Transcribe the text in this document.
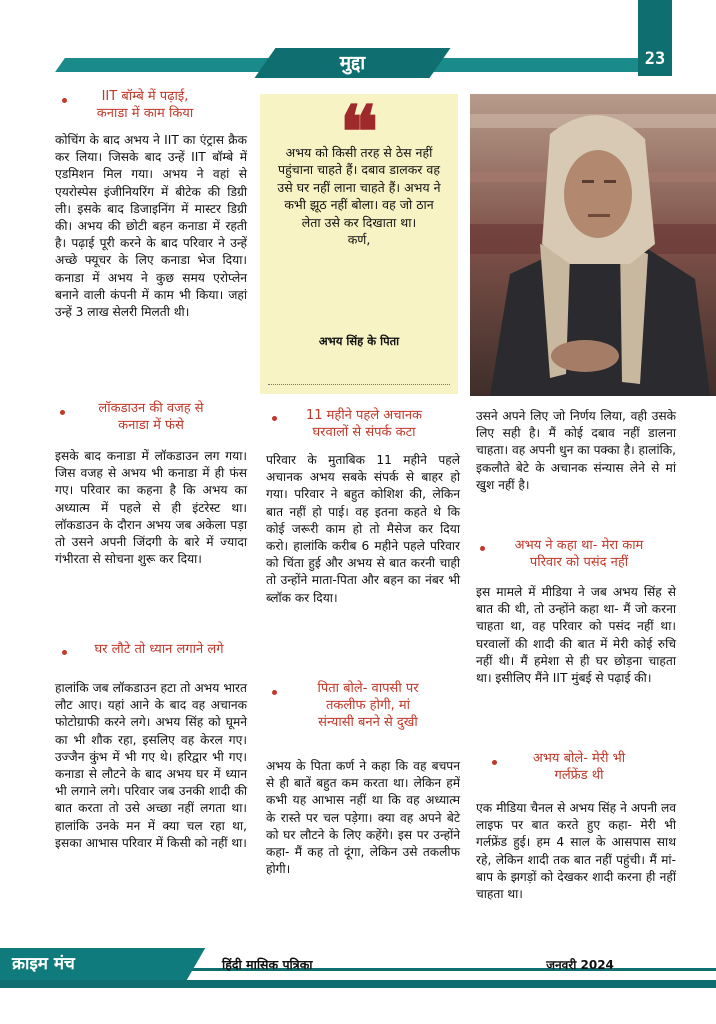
मुद्दा	23

IIT बॉम्बे में पढ़ाई,
कनाडा में काम किया

कोचिंग के बाद अभय ने IIT का एंट्रास क्रैक कर लिया। जिसके बाद उन्हें IIT बॉम्बे में एडमिशन मिल गया। अभय ने वहां से एयरोस्पेस इंजीनियरिंग में बीटेक की डिग्री ली। इसके बाद डिजाइनिंग में मास्टर डिग्री की। अभय की छोटी बहन कनाडा में रहती है। पढ़ाई पूरी करने के बाद परिवार ने उन्हें अच्छे फ्यूचर के लिए कनाडा भेज दिया। कनाडा में अभय ने कुछ समय एरोप्लेन बनाने वाली कंपनी में काम भी किया। जहां उन्हें 3 लाख सेलरी मिलती थी।

लॉकडाउन की वजह से
कनाडा में फंसे

इसके बाद कनाडा में लॉकडाउन लग गया। जिस वजह से अभय भी कनाडा में ही फंस गए। परिवार का कहना है कि अभय का अध्यात्म में पहले से ही इंटरेस्ट था। लॉकडाउन के दौरान अभय जब अकेला पड़ा तो उसने अपनी जिंदगी के बारे में ज्यादा गंभीरता से सोचना शुरू कर दिया।

घर लौटे तो ध्यान लगाने लगे

हालांकि जब लॉकडाउन हटा तो अभय भारत लौट आए। यहां आने के बाद वह अचानक फोटोग्राफी करने लगे। अभय सिंह को घूमने का भी शौक रहा, इसलिए वह केरल गए। उज्जैन कुंभ में भी गए थे। हरिद्वार भी गए। कनाडा से लौटने के बाद अभय घर में ध्यान भी लगाने लगे। परिवार जब उनकी शादी की बात करता तो उसे अच्छा नहीं लगता था। हालांकि उनके मन में क्या चल रहा था, इसका आभास परिवार में किसी को नहीं था।

❝
अभय को किसी तरह से ठेस नहीं पहुंचाना चाहते हैं। दबाव डालकर वह उसे घर नहीं लाना चाहते हैं। अभय ने कभी झूठ नहीं बोला। वह जो ठान लेता उसे कर दिखाता था।
कर्ण,
अभय सिंह के पिता

11 महीने पहले अचानक
घरवालों से संपर्क कटा

परिवार के मुताबिक 11 महीने पहले अचानक अभय सबके संपर्क से बाहर हो गया। परिवार ने बहुत कोशिश की, लेकिन बात नहीं हो पाई। वह इतना कहते थे कि कोई जरूरी काम हो तो मैसेज कर दिया करो। हालांकि करीब 6 महीने पहले परिवार को चिंता हुई और अभय से बात करनी चाही तो उन्होंने माता-पिता और बहन का नंबर भी ब्लॉक कर दिया।

पिता बोले- वापसी पर
तकलीफ होगी, मां
संन्यासी बनने से दुखी

अभय के पिता कर्ण ने कहा कि वह बचपन से ही बातें बहुत कम करता था। लेकिन हमें कभी यह आभास नहीं था कि वह अध्यात्म के रास्ते पर चल पड़ेगा। क्या वह अपने बेटे को घर लौटने के लिए कहेंगे। इस पर उन्होंने कहा- मैं कह तो दूंगा, लेकिन उसे तकलीफ होगी।

उसने अपने लिए जो निर्णय लिया, वही उसके लिए सही है। मैं कोई दबाव नहीं डालना चाहता। वह अपनी धुन का पक्का है। हालांकि, इकलौते बेटे के अचानक संन्यास लेने से मां खुश नहीं है।

अभय ने कहा था- मेरा काम
परिवार को पसंद नहीं

इस मामले में मीडिया ने जब अभय सिंह से बात की थी, तो उन्होंने कहा था- मैं जो करना चाहता था, वह परिवार को पसंद नहीं था। घरवालों की शादी की बात में मेरी कोई रुचि नहीं थी। मैं हमेशा से ही घर छोड़ना चाहता था। इसीलिए मैंने IIT मुंबई से पढ़ाई की।

अभय बोले- मेरी भी
गर्लफ्रेंड थी

एक मीडिया चैनल से अभय सिंह ने अपनी लव लाइफ पर बात करते हुए कहा- मेरी भी गर्लफ्रेंड हुई। हम 4 साल के आसपास साथ रहे, लेकिन शादी तक बात नहीं पहुंची। मैं मां-बाप के झगड़ों को देखकर शादी करना ही नहीं चाहता था।

क्राइम मंच	हिंदी मासिक पत्रिका	जनवरी 2024
